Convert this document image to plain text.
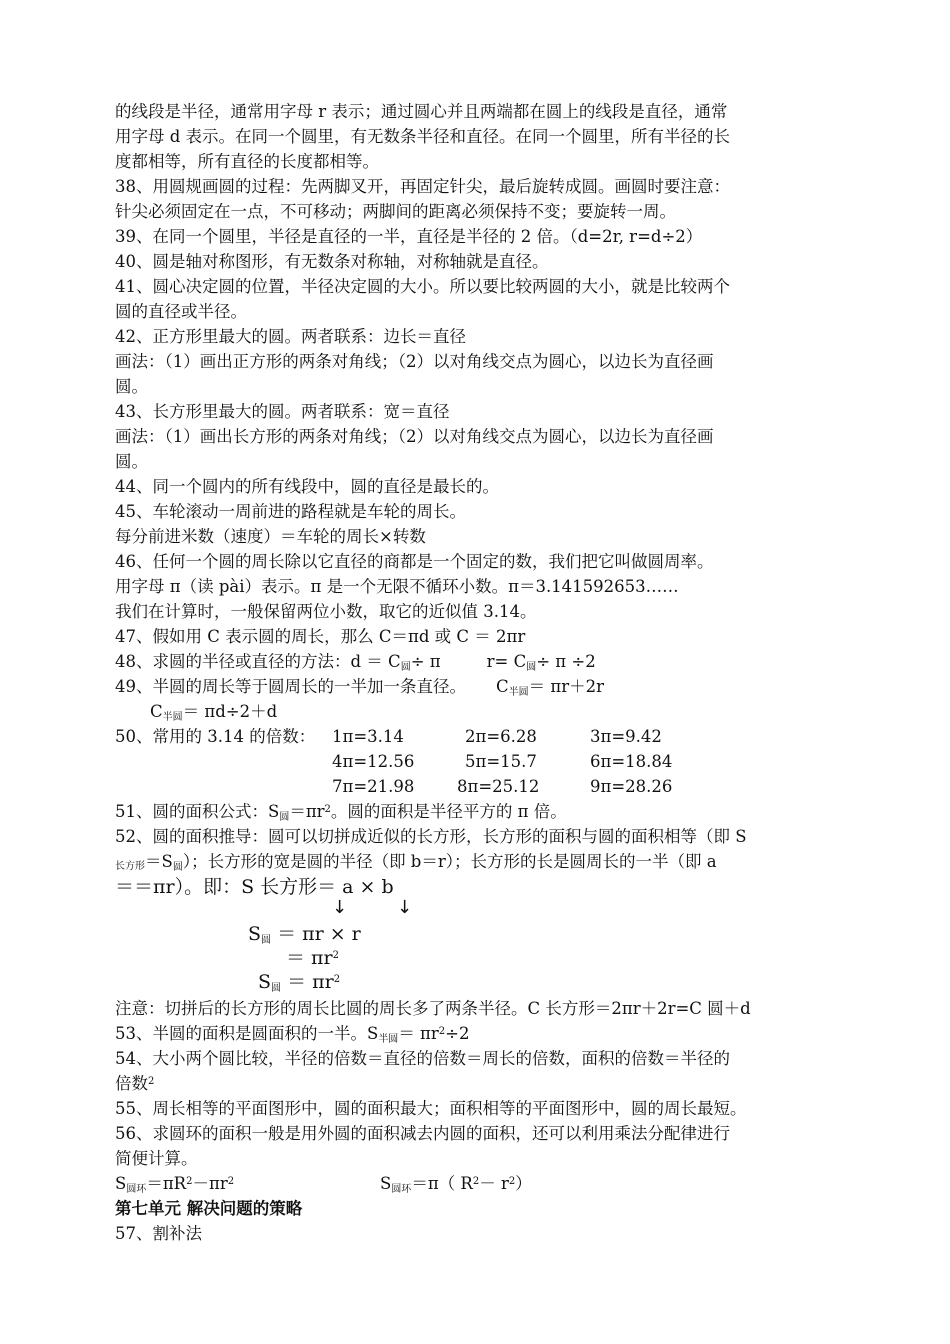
的线段是半径，通常用字母 r 表示；通过圆心并且两端都在圆上的线段是直径，通常
用字母 d 表示。在同一个圆里，有无数条半径和直径。在同一个圆里，所有半径的长
度都相等，所有直径的长度都相等。
38、用圆规画圆的过程：先两脚叉开，再固定针尖，最后旋转成圆。画圆时要注意：
针尖必须固定在一点，不可移动；两脚间的距离必须保持不变；要旋转一周。
39、在同一个圆里，半径是直径的一半，直径是半径的 2 倍。（d=2r, r=d÷2）
40、圆是轴对称图形，有无数条对称轴，对称轴就是直径。
41、圆心决定圆的位置，半径决定圆的大小。所以要比较两圆的大小，就是比较两个
圆的直径或半径。
42、正方形里最大的圆。两者联系：边长＝直径
画法：（1）画出正方形的两条对角线；（2）以对角线交点为圆心，以边长为直径画
圆。
43、长方形里最大的圆。两者联系：宽＝直径
画法：（1）画出长方形的两条对角线；（2）以对角线交点为圆心，以边长为直径画
圆。
44、同一个圆内的所有线段中，圆的直径是最长的。
45、车轮滚动一周前进的路程就是车轮的周长。
每分前进米数（速度）＝车轮的周长×转数
46、任何一个圆的周长除以它直径的商都是一个固定的数，我们把它叫做圆周率。
用字母 π（读 pài）表示。π 是一个无限不循环小数。π＝3.141592653……
我们在计算时，一般保留两位小数，取它的近似值 3.14。
47、假如用 C 表示圆的周长，那么 C＝πd 或 C ＝ 2πr
48、求圆的半径或直径的方法：$d = C_圆\div \pi$	$r= C_圆\div \pi \div 2$
49、半圆的周长等于圆周长的一半加一条直径。 $C_{半圆}= \pi r+2r$
$C_{半圆}= \pi d\div 2+d$
50、常用的 3.14 的倍数： 1π=3.14	2π=6.28	3π=9.42
4π=12.56	5π=15.7	6π=18.84
7π=21.98	8π=25.12	9π=28.26
51、圆的面积公式：$S_圆=\pi r^2$。圆的面积是半径平方的 π 倍。
52、圆的面积推导：圆可以切拼成近似的长方形，长方形的面积与圆的面积相等（即 S
$_{长方形}=S_圆$）；长方形的宽是圆的半径（即 b＝r）；长方形的长是圆周长的一半（即 a
＝＝πr）。即：S 长方形＝ a × b
↓	↓
$S_圆 = \pi r \times r$
＝ $\pi r^2$
$S_圆 = \pi r^2$
注意：切拼后的长方形的周长比圆的周长多了两条半径。C 长方形＝2πr＋2r=C 圆＋d
53、半圆的面积是圆面积的一半。$S_{半圆}= \pi r^2\div 2$
54、大小两个圆比较，半径的倍数＝直径的倍数＝周长的倍数，面积的倍数＝半径的
倍数$^2$
55、周长相等的平面图形中，圆的面积最大；面积相等的平面图形中，圆的周长最短。
56、求圆环的面积一般是用外圆的面积减去内圆的面积，还可以利用乘法分配律进行
简便计算。
$S_{圆环}=\pi R^2-\pi r^2$	$S_{圆环}=\pi$（ $R^2- r^2$）
第七单元 解决问题的策略
57、割补法
